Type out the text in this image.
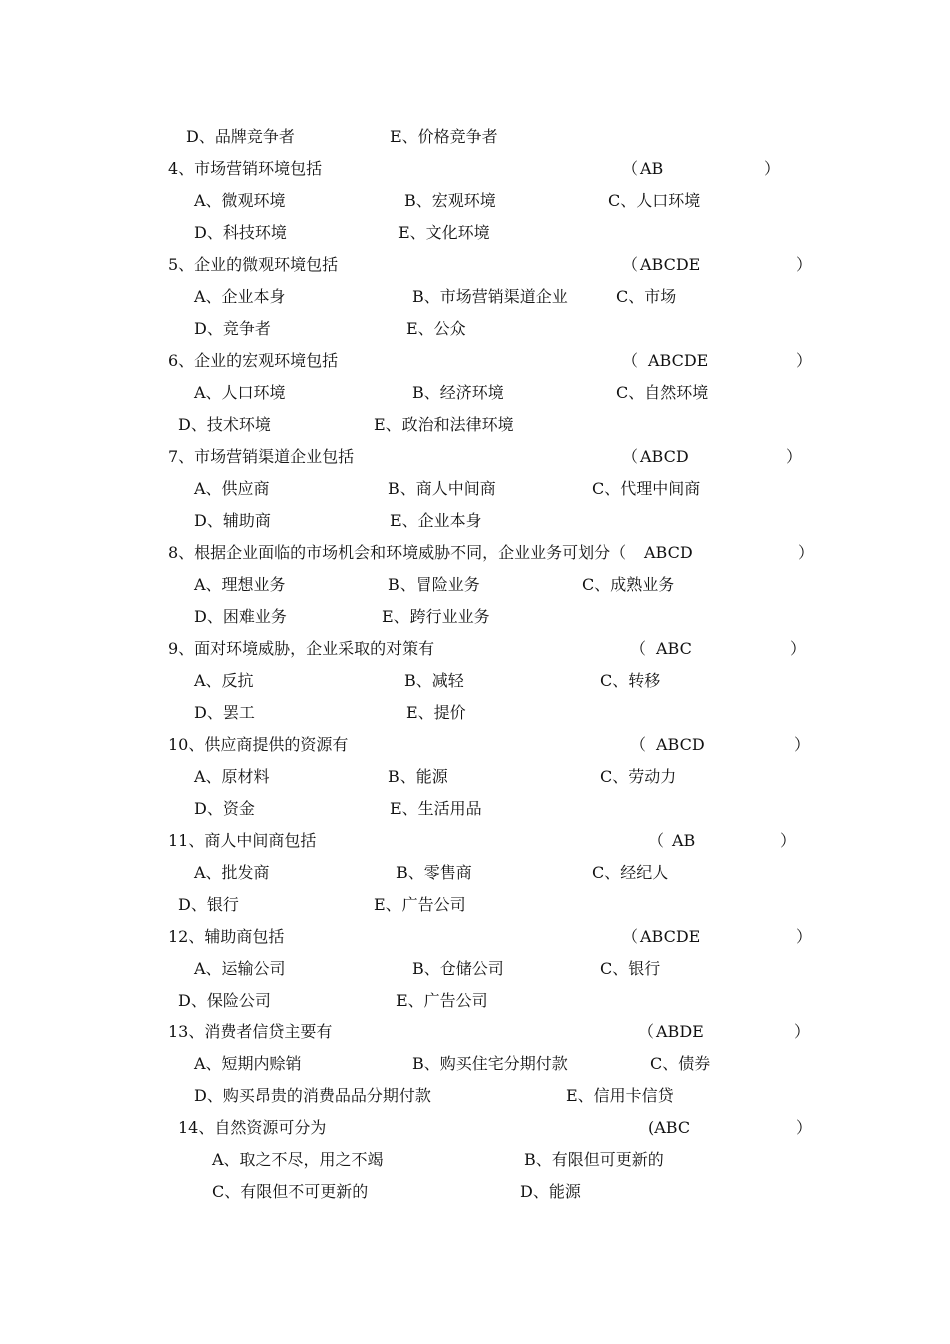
D、品牌竞争者	E、价格竞争者
4、市场营销环境包括	（ AB	）
A、微观环境	B、宏观环境	C、人口环境
D、科技环境	E、文化环境
5、企业的微观环境包括	（ ABCDE	）
A、企业本身	B、市场营销渠道企业	C、市场
D、竞争者	E、公众
6、企业的宏观环境包括	（ ABCDE	）
A、人口环境	B、经济环境	C、自然环境
D、技术环境	E、政治和法律环境
7、市场营销渠道企业包括	（ ABCD	）
A、供应商	B、商人中间商	C、代理中间商
D、辅助商	E、企业本身
8、根据企业面临的市场机会和环境威胁不同，企业业务可划分（ ABCD	）
A、理想业务	B、冒险业务	C、成熟业务
D、困难业务	E、跨行业业务
9、面对环境威胁，企业采取的对策有	（ ABC	）
A、反抗	B、减轻	C、转移
D、罢工	E、提价
10、供应商提供的资源有	（ ABCD	）
A、原材料	B、能源	C、劳动力
D、资金	E、生活用品
11、商人中间商包括	（ AB	）
A、批发商	B、零售商	C、经纪人
D、银行	E、广告公司
12、辅助商包括	（ ABCDE	）
A、运输公司	B、仓储公司	C、银行
D、保险公司	E、广告公司
13、消费者信贷主要有	（ ABDE	）
A、短期内赊销	B、购买住宅分期付款	C、债券
D、购买昂贵的消费品品分期付款	E、信用卡信贷
14、自然资源可分为	(ABC	）
A、取之不尽，用之不竭	B、有限但可更新的
C、有限但不可更新的	D、能源
